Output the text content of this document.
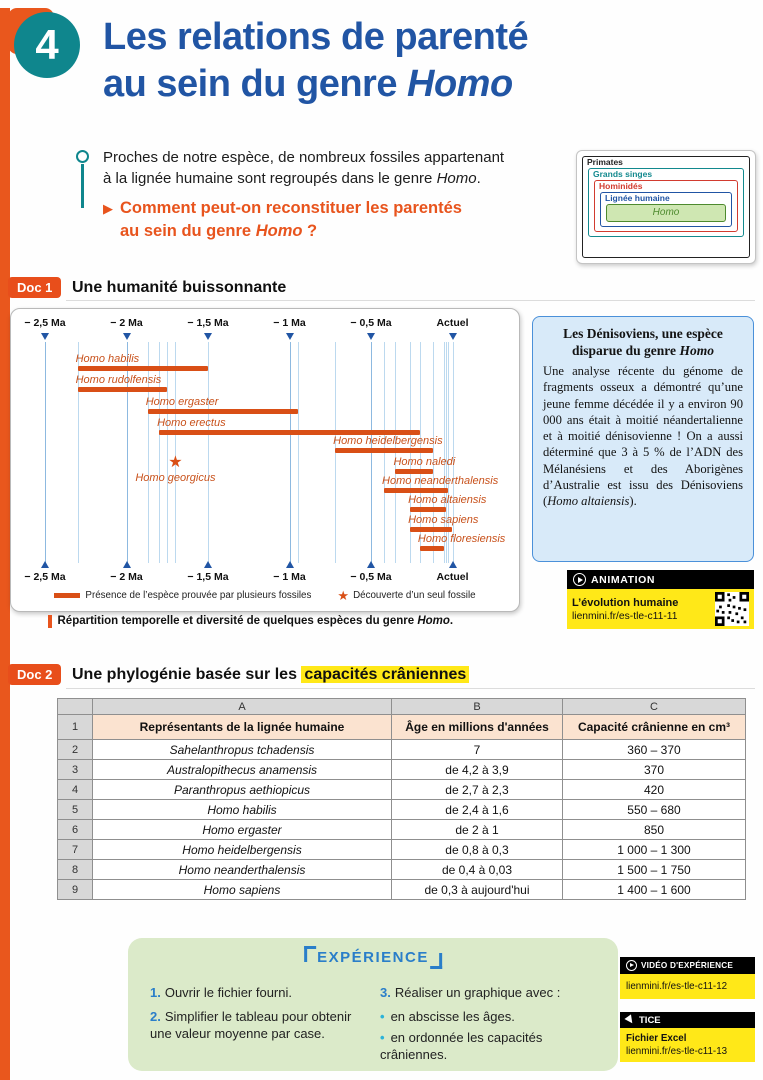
4 Les relations de parenté
au sein du genre Homo
Proches de notre espèce, de nombreux fossiles appartenant
à la lignée humaine sont regroupés dans le genre Homo.
▶ Comment peut-on reconstituer les parentés
au sein du genre Homo ?
Primates
Grands singes
Hominidés
Lignée humaine
Homo
Doc 1	Une humanité buissonnante
− 2,5 Ma
− 2,5 Ma
− 2 Ma
− 2 Ma
− 1,5 Ma
− 1,5 Ma
− 1 Ma
− 1 Ma
− 0,5 Ma
− 0,5 Ma
Actuel
Actuel
Homo habilis
Homo rudolfensis
Homo ergaster
Homo erectus
Homo heidelbergensis
★
Homo georgicus
Homo naledi
Homo neanderthalensis
Homo altaiensis
Homo sapiens
Homo floresiensis
Présence de l’espèce prouvée par plusieurs fossiles ★ Découverte d’un seul fossile
Répartition temporelle et diversité de quelques espèces du genre Homo.

Les Dénisoviens, une espèce
disparue du genre Homo

Une analyse récente du génome de fragments osseux a démontré qu’une jeune femme décédée il y a environ 90 000 ans était à moitié néandertalienne et à moitié dénisovienne ! On a aussi déterminé que 3 à 5 % de l’ADN des Mélanésiens et des Aborigènes d’Australie est issu des Dénisoviens (Homo altaiensis).

ANIMATION
L’évolution humaine
lienmini.fr/es-tle-c11-11
Doc 2	Une phylogénie basée sur les capacités crâniennes
	A	B	C
1	Représentants de la lignée humaine	Âge en millions d'années	Capacité crânienne en cm³
2	Sahelanthropus tchadensis	7	360 – 370
3	Australopithecus anamensis	de 4,2 à 3,9	370
4	Paranthropus aethiopicus	de 2,7 à 2,3	420
5	Homo habilis	de 2,4 à 1,6	550 – 680
6	Homo ergaster	de 2 à 1	850
7	Homo heidelbergensis	de 0,8 à 0,3	1 000 – 1 300
8	Homo neanderthalensis	de 0,4 à 0,03	1 500 – 1 750
9	Homo sapiens	de 0,3 à aujourd'hui	1 400 – 1 600
EXPÉRIENCE
1. Ouvrir le fichier fourni.
2. Simplifier le tableau pour obtenir une valeur moyenne par case.
3. Réaliser un graphique avec :
• en abscisse les âges.
• en ordonnée les capacités crâniennes.
VIDÉO D'EXPÉRIENCE
lienmini.fr/es-tle-c11-12
TICE
Fichier Excel
lienmini.fr/es-tle-c11-13
